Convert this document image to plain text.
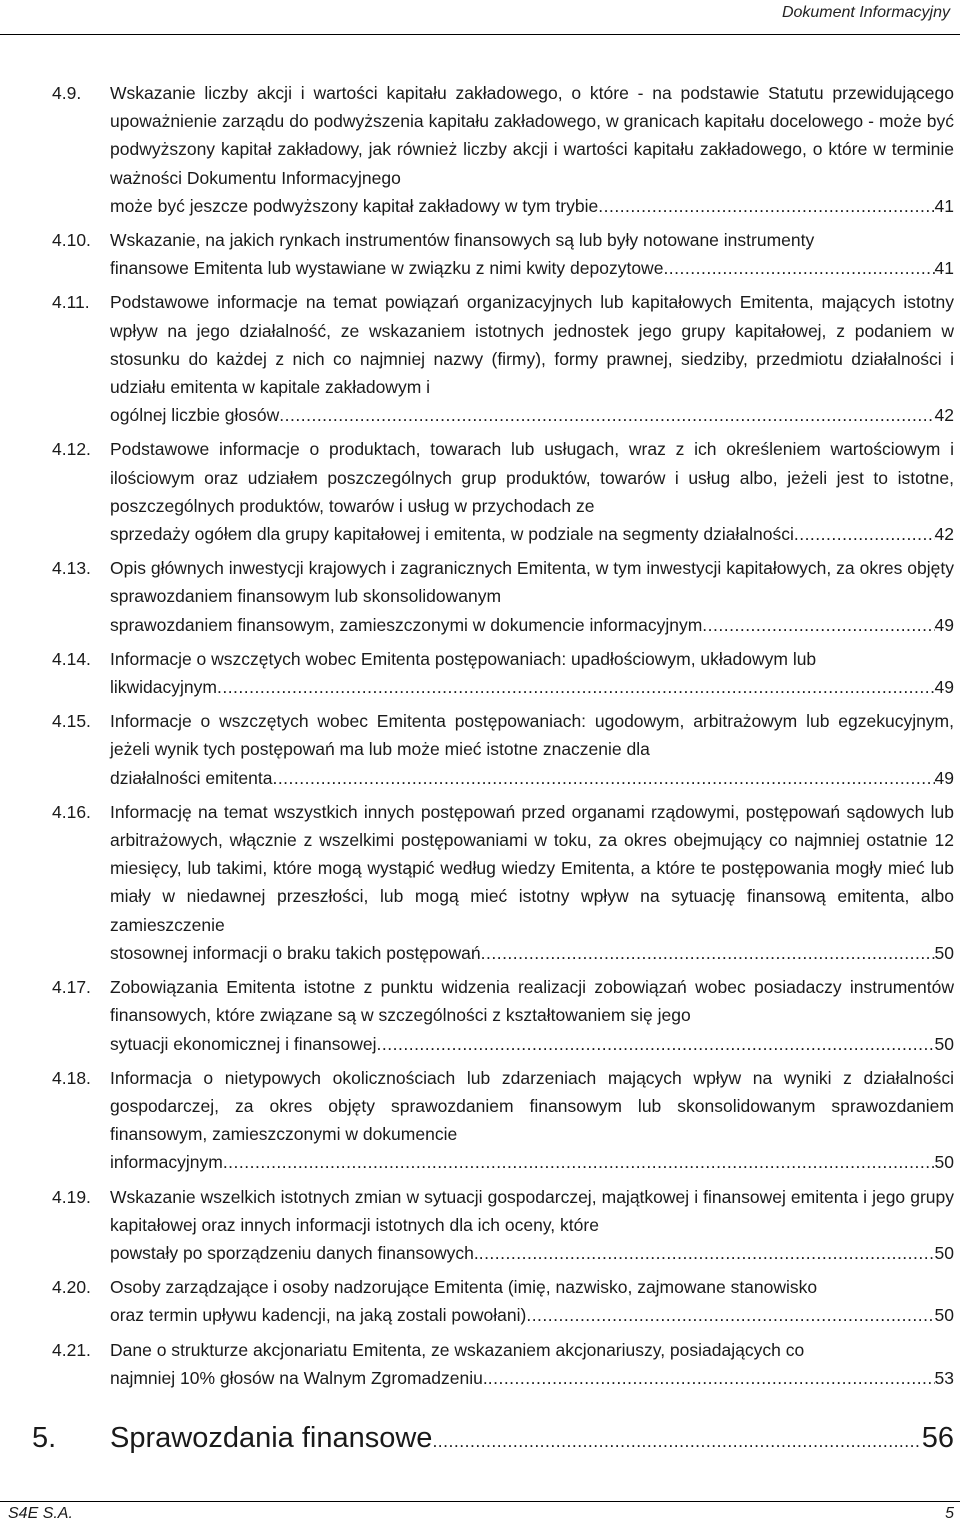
Dokument Informacyjny
4.9.	Wskazanie liczby akcji i wartości kapitału zakładowego, o które - na podstawie Statutu przewidującego upoważnienie zarządu do podwyższenia kapitału zakładowego, w granicach kapitału docelowego - może być podwyższony kapitał zakładowy, jak również liczby akcji i wartości kapitału zakładowego, o które w terminie ważności Dokumentu Informacyjnego
może być jeszcze podwyższony kapitał zakładowy w tym trybie .....	41
4.10.	Wskazanie, na jakich rynkach instrumentów finansowych są lub były notowane instrumenty
finansowe Emitenta lub wystawiane w związku z nimi kwity depozytowe .....	41
4.11.	Podstawowe informacje na temat powiązań organizacyjnych lub kapitałowych Emitenta, mających istotny wpływ na jego działalność, ze wskazaniem istotnych jednostek jego grupy kapitałowej, z podaniem w stosunku do każdej z nich co najmniej nazwy (firmy), formy prawnej, siedziby, przedmiotu działalności i udziału emitenta w kapitale zakładowym i
ogólnej liczbie głosów .....	42
4.12.	Podstawowe informacje o produktach, towarach lub usługach, wraz z ich określeniem wartościowym i ilościowym oraz udziałem poszczególnych grup produktów, towarów i usług albo, jeżeli jest to istotne, poszczególnych produktów, towarów i usług w przychodach ze
sprzedaży ogółem dla grupy kapitałowej i emitenta, w podziale na segmenty działalności .....	42
4.13.	Opis głównych inwestycji krajowych i zagranicznych Emitenta, w tym inwestycji kapitałowych, za okres objęty sprawozdaniem finansowym lub skonsolidowanym
sprawozdaniem finansowym, zamieszczonymi w dokumencie informacyjnym .....	49
4.14.	Informacje o wszczętych wobec Emitenta postępowaniach: upadłościowym, układowym lub
likwidacyjnym .....	49
4.15.	Informacje o wszczętych wobec Emitenta postępowaniach: ugodowym, arbitrażowym lub egzekucyjnym, jeżeli wynik tych postępowań ma lub może mieć istotne znaczenie dla
działalności emitenta .....	49
4.16.	Informację na temat wszystkich innych postępowań przed organami rządowymi, postępowań sądowych lub arbitrażowych, włącznie z wszelkimi postępowaniami w toku, za okres obejmujący co najmniej ostatnie 12 miesięcy, lub takimi, które mogą wystąpić według wiedzy Emitenta, a które te postępowania mogły mieć lub miały w niedawnej przeszłości, lub mogą mieć istotny wpływ na sytuację finansową emitenta, albo zamieszczenie
stosownej informacji o braku takich postępowań .....	50
4.17.	Zobowiązania Emitenta istotne z punktu widzenia realizacji zobowiązań wobec posiadaczy instrumentów finansowych, które związane są w szczególności z kształtowaniem się jego
sytuacji ekonomicznej i finansowej .....	50
4.18.	Informacja o nietypowych okolicznościach lub zdarzeniach mających wpływ na wyniki z działalności gospodarczej, za okres objęty sprawozdaniem finansowym lub skonsolidowanym sprawozdaniem finansowym, zamieszczonymi w dokumencie
informacyjnym .....	50
4.19.	Wskazanie wszelkich istotnych zmian w sytuacji gospodarczej, majątkowej i finansowej emitenta i jego grupy kapitałowej oraz innych informacji istotnych dla ich oceny, które
powstały po sporządzeniu danych finansowych. .....	50
4.20.	Osoby zarządzające i osoby nadzorujące Emitenta (imię, nazwisko, zajmowane stanowisko
oraz termin upływu kadencji, na jaką zostali powołani) .....	50
4.21.	Dane o strukturze akcjonariatu Emitenta, ze wskazaniem akcjonariuszy, posiadających co
najmniej 10% głosów na Walnym Zgromadzeniu. .....	53
5.	Sprawozdania finansowe .....	56
S4E S.A.	5
